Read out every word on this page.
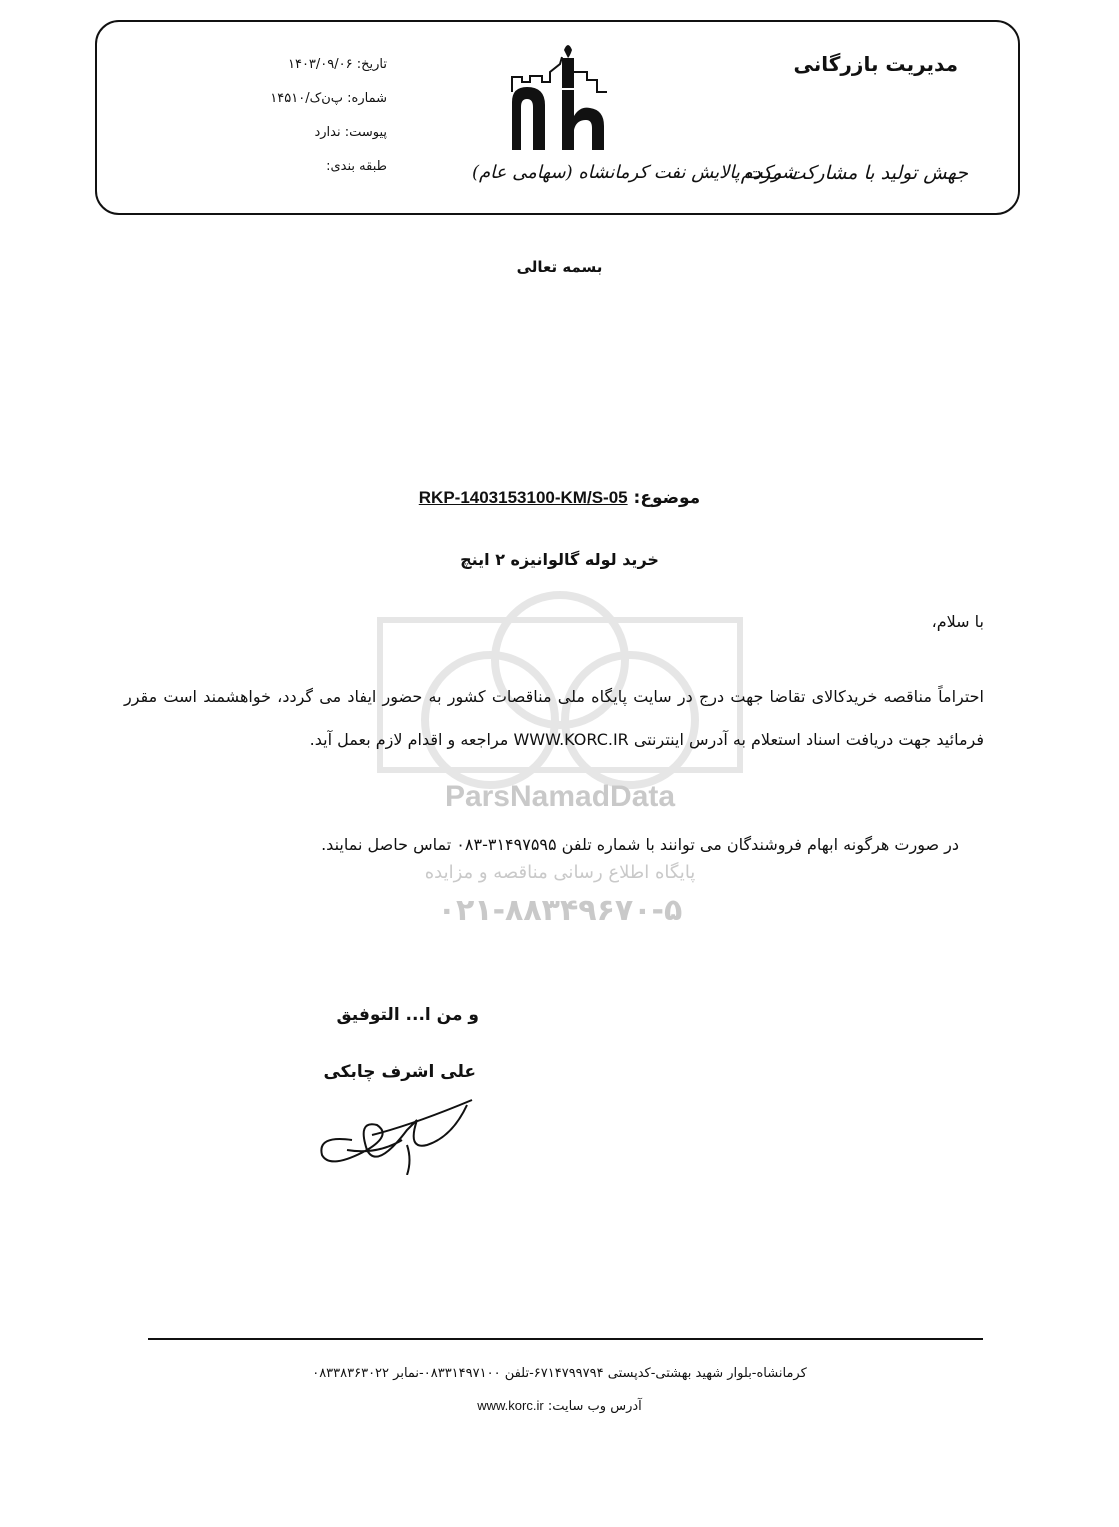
مدیریت بازرگانی
جهش تولید با مشارکت مردم
nh
شرکت پالایش نفت کرمانشاه (سهامی عام)
تاریخ: ۱۴۰۳/۰۹/۰۶
شماره: پ‌ن‌ک/۱۴۵۱۰
پیوست: ندارد
طبقه بندی:
ParsNamadData
پایگاه اطلاع رسانی مناقصه و مزایده
۰۲۱-۸۸۳۴۹۶۷۰-۵
بسمه تعالی
موضوع: RKP-1403153100-KM/S-05
خرید لوله گالوانیزه ۲ اینچ
با سلام،
احتراماً مناقصه خریدکالای تقاضا جهت درج در سایت پایگاه ملی مناقصات کشور به حضور ایفاد می گردد، خواهشمند است مقرر فرمائید جهت دریافت اسناد استعلام به آدرس اینترنتی WWW.KORC.IR مراجعه و اقدام لازم بعمل آید.
در صورت هرگونه ابهام فروشندگان می توانند با شماره تلفن ۳۱۴۹۷۵۹۵-۰۸۳ تماس حاصل نمایند.
و من ا... التوفیق
علی اشرف چابکی
کرمانشاه-بلوار شهید بهشتی-کدپستی ۶۷۱۴۷۹۹۷۹۴-تلفن ۰۸۳۳۱۴۹۷۱۰۰-نمابر ۰۸۳۳۸۳۶۳۰۲۲
آدرس وب سایت: www.korc.ir
